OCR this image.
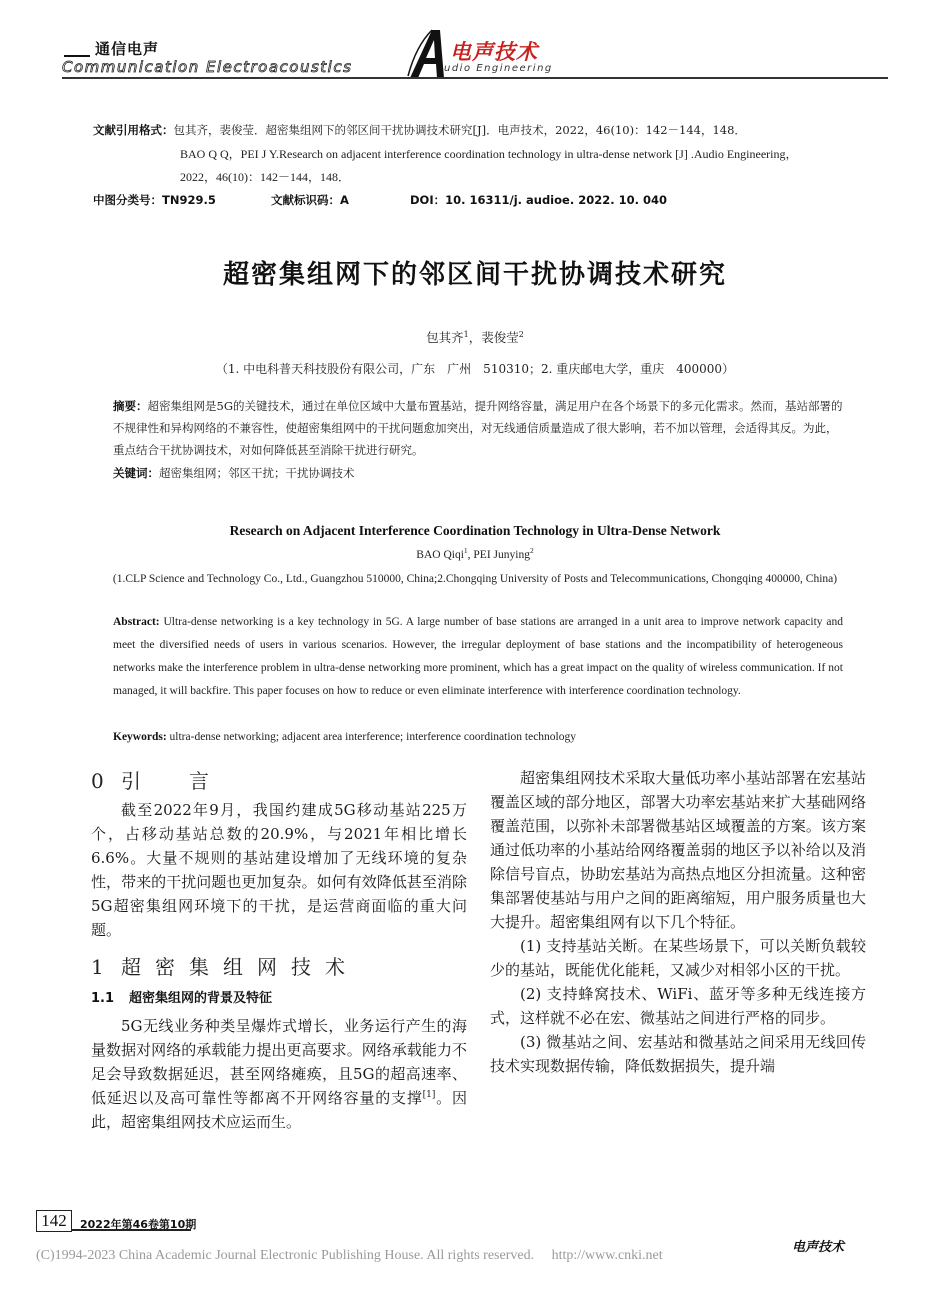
通信电声
Communication Electroacoustics
电声技术
udio Engineering
文献引用格式：包其齐，裴俊莹．超密集组网下的邻区间干扰协调技术研究[J]．电声技术，2022，46(10)：142－144，148．
BAO Q Q，PEI J Y.Research on adjacent interference coordination technology in ultra-dense network [J] .Audio Engineering，
2022，46(10)：142－144，148．
中图分类号：TN929.5	文献标识码：A	DOI：10. 16311/j. audioe. 2022. 10. 040
超密集组网下的邻区间干扰协调技术研究
包其齐$^1$，裴俊莹$^2$
（1. 中电科普天科技股份有限公司，广东　广州　510310；2. 重庆邮电大学，重庆　400000）
摘要：超密集组网是5G的关键技术，通过在单位区域中大量布置基站，提升网络容量，满足用户在各个场景下的多元化需求。然而，基站部署的不规律性和异构网络的不兼容性，使超密集组网中的干扰问题愈加突出，对无线通信质量造成了很大影响，若不加以管理，会适得其反。为此，重点结合干扰协调技术，对如何降低甚至消除干扰进行研究。
关键词：超密集组网；邻区干扰；干扰协调技术
Research on Adjacent Interference Coordination Technology in Ultra-Dense Network
BAO Qiqi$^1$, PEI Junying$^2$
(1.CLP Science and Technology Co., Ltd., Guangzhou 510000, China;2.Chongqing University of Posts and Telecommunications, Chongqing 400000, China)
Abstract: Ultra-dense networking is a key technology in 5G. A large number of base stations are arranged in a unit area to improve network capacity and meet the diversified needs of users in various scenarios. However, the irregular deployment of base stations and the incompatibility of heterogeneous networks make the interference problem in ultra-dense networking more prominent, which has a great impact on the quality of wireless communication. If not managed, it will backfire. This paper focuses on how to reduce or even eliminate interference with interference coordination technology.
Keywords: ultra-dense networking; adjacent area interference; interference coordination technology
0 引　言
截至2022年9月，我国约建成5G移动基站225万个，占移动基站总数的20.9%，与2021年相比增长6.6%。大量不规则的基站建设增加了无线环境的复杂性，带来的干扰问题也更加复杂。如何有效降低甚至消除5G超密集组网环境下的干扰，是运营商面临的重大问题。
1 超密集组网技术
1.1 超密集组网的背景及特征
5G无线业务种类呈爆炸式增长，业务运行产生的海量数据对网络的承载能力提出更高要求。网络承载能力不足会导致数据延迟，甚至网络瘫痪，且5G的超高速率、低延迟以及高可靠性等都离不开网络容量的支撑[1]。因此，超密集组网技术应运而生。
超密集组网技术采取大量低功率小基站部署在宏基站覆盖区域的部分地区，部署大功率宏基站来扩大基础网络覆盖范围，以弥补未部署微基站区域覆盖的方案。该方案通过低功率的小基站给网络覆盖弱的地区予以补给以及消除信号盲点，协助宏基站为高热点地区分担流量。这种密集部署使基站与用户之间的距离缩短，用户服务质量也大大提升。超密集组网有以下几个特征。
(1) 支持基站关断。在某些场景下，可以关断负载较少的基站，既能优化能耗，又减少对相邻小区的干扰。
(2) 支持蜂窝技术、WiFi、蓝牙等多种无线连接方式，这样就不必在宏、微基站之间进行严格的同步。
(3) 微基站之间、宏基站和微基站之间采用无线回传技术实现数据传输，降低数据损失，提升端
142	2022年第46卷第10期
(C)1994-2023 China Academic Journal Electronic Publishing House. All rights reserved.　 http://www.cnki.net
电声技术
